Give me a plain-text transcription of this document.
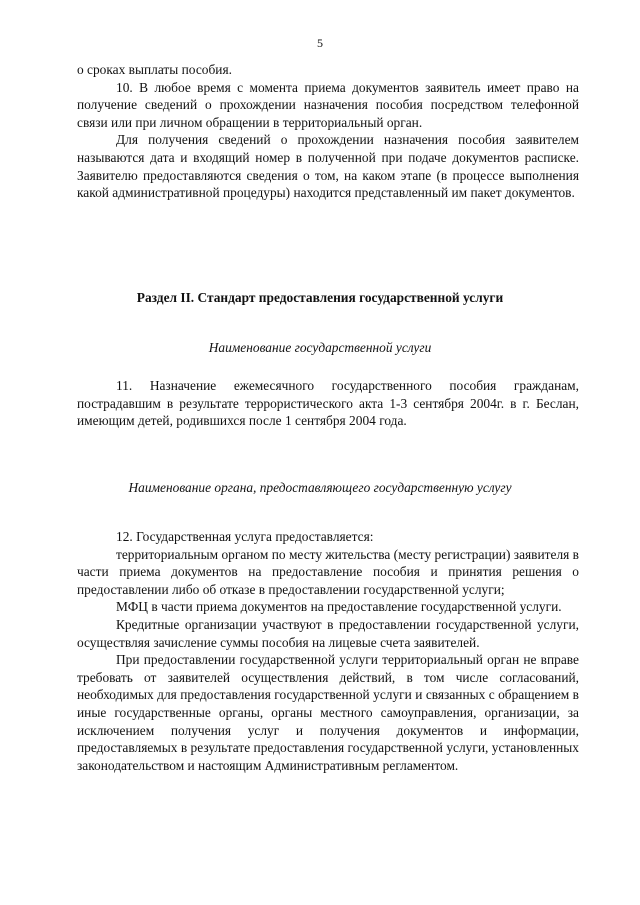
5

о сроках выплаты пособия.

10. В любое время с момента приема документов заявитель имеет право на получение сведений о прохождении назначения пособия посредством телефонной связи или при личном обращении в территориальный орган.

Для получения сведений о прохождении назначения пособия заявителем называются дата и входящий номер в полученной при подаче документов расписке. Заявителю предоставляются сведения о том, на каком этапе (в процессе выполнения какой административной процедуры) находится представленный им пакет документов.

Раздел II. Стандарт предоставления государственной услуги
Наименование государственной услуги

11. Назначение ежемесячного государственного пособия гражданам, пострадавшим в результате террористического акта 1-3 сентября 2004г. в г. Беслан, имеющим детей, родившихся после 1 сентября 2004 года.

Наименование органа, предоставляющего государственную услугу

12. Государственная услуга предоставляется:

территориальным органом по месту жительства (месту регистрации) заявителя в части приема документов на предоставление пособия и принятия решения о предоставлении либо об отказе в предоставлении государственной услуги;

МФЦ в части приема документов на предоставление государственной услуги.

Кредитные организации участвуют в предоставлении государственной услуги, осуществляя зачисление суммы пособия на лицевые счета заявителей.

При предоставлении государственной услуги территориальный орган не вправе требовать от заявителей осуществления действий, в том числе согласований, необходимых для предоставления государственной услуги и связанных с обращением в иные государственные органы, органы местного самоуправления, организации, за исключением получения услуг и получения документов и информации, предоставляемых в результате предоставления государственной услуги, установленных законодательством и настоящим Административным регламентом.
